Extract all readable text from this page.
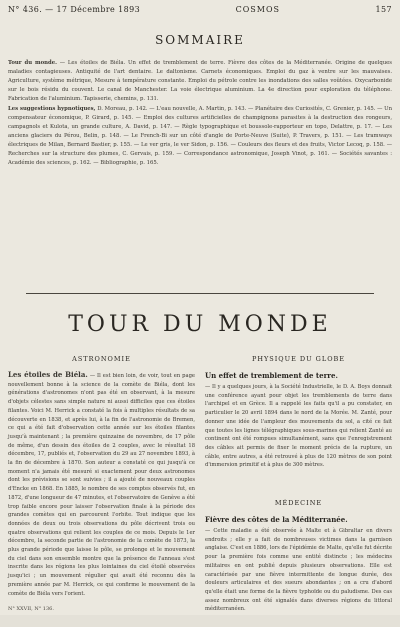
N° 436. — 17 Décembre 1893	COSMOS	157
SOMMAIRE

Tour du monde. — Les étoiles de Biéla. Un effet de tremblement de terre. Fièvre des côtes de la Méditerranée. Origine de quelques maladies contagieuses. Antiquité de l'art dentaire. Le daltonisme. Carnets économiques. Emploi du gaz à ventre sur les mauvaises. Agriculture, système métrique, Mesure à température constante. Emploi du pétrole contre les inondations des salles voûtées. Oxycarbonide sur le bois résidu du couvent. Le canal de Manchester. La voie électrique aluminium. La 4e direction pour exploration du téléphone. Fabrication de l'aluminium. Tapisserie, chemins, p. 131.

Les suggestions hypnotiques, D. Moreau, p. 142. — L'eau nouvelle, A. Martin, p. 143. — Planétaire des Curiosités, C. Grenier, p. 145. — Un compensateur économique, P. Girard, p. 145. — Emploi des cultures artificielles de champignons parasites à la destruction des rongeurs, campagnols et Kulota, un grande culture, A. David, p. 147. — Règle typographique et boussole-rapporteur en topo, Delattre, p. 17. — Les anciens glaciers du Pérou, Belin, p. 148. — Le French-Bi sur un côté d'angle de Porte-Neuve (Suite), P. Travers, p. 151. — Les tramways électriques de Milan, Bernard Bastier, p. 155. — Le ver gris, le ver Sidon, p. 156. — Couleurs des fleurs et des fruits, Victor Lecoq, p. 158. — Recherches sur la structure des plumes, C. Gervais, p. 159. — Correspondance astronomique, Joseph Vinot, p. 161. — Sociétés savantes : Académie des sciences, p. 162. — Bibliographie, p. 165.

TOUR DU MONDE
ASTRONOMIE

Les étoiles de Biéla. — Il est bien loin, de voir, tout en page nouvellement bonne à la science de la comète de Biéla, dont les générations d'astronomes n'ont pas été en observant, à la mesure d'objets célestes sans simple nature ni aussi difficiles que ces étoiles filantes. Voici M. Herrick a constaté la fois à multiples résultats de sa découverte en 1838, et après lui, à la fin de l'astronomie de Bremen, ce qui a été fait d'observation cette année sur les étoiles filantes jusqu'à maintenant ; la première quinzaine de novembre, de 17 pôle de même, d'un dessin des étoiles de 2 couples, avec le résultat 18 décembre, 17, publiés et, l'observation du 29 au 27 novembre 1893, à la fin de décembre à 1870. Son auteur a constaté ce qui jusqu'à ce moment n'a jamais été mesuré si exactement pour deux astronomes dont les prévisions se sont suivies ; il a ajouté de nouveaux couples d'Encke en 1868. En 1885, le nombre de ses comptes observés fut, en 1872, d'une longueur de 47 minutes, et l'observatoire de Genève a été trop faible encore pour laisser l'observation finale à la période des grandes comètes qui en parcourent l'orbite. Tout indique que les données de deux ou trois observations du pôle décrivent trois ou quatre observations qui relient les couples de ce mois. Depuis le 1er décembre, la seconde partie de l'astronomie de la comète de 1873, la plus grande période que laisse le pôle, se prolonge et le mouvement du ciel dans son ensemble montre que la présence de l'anneau s'est inscrite dans les régions les plus lointaines du ciel étoilé observées jusqu'ici ; un mouvement régulier qui avait été reconnu dès la première année par M. Herrick, ce qui confirme le mouvement de la comète de Biéla vers l'orient.

PHYSIQUE DU GLOBE
Un effet de tremblement de terre.

— Il y a quelques jours, à la Société Industrielle, le D. A. Boys donnait une conférence ayant pour objet les tremblements de terre dans l'archipel et en Grèce. Il a rappelé les faits qu'il a pu constater, en particulier le 20 avril 1894 dans le nord de la Morée. M. Zanté, pour donner une idée de l'ampleur des mouvements du sol, a cité ce fait que toutes les lignes télégraphiques sous-marines qui relient Zanté au continent ont été rompues simultanément, sans que l'enregistrement des câbles ait permis de fixer le moment précis de la rupture, un câble, entre autres, a été retrouvé à plus de 120 mètres de son point d'immersion primitif et à plus de 300 mètres.

MÉDECINE
Fièvre des côtes de la Méditerranée.

— Cette maladie a été observée à Malte et à Gibraltar en divers endroits ; elle y a fait de nombreuses victimes dans la garnison anglaise. C'est en 1886, lors de l'épidémie de Malte, qu'elle fut décrite pour la première fois comme une entité distincte ; les médecins militaires en ont publié depuis plusieurs observations. Elle est caractérisée par une fièvre intermittente de longue durée, des douleurs articulaires et des sueurs abondantes ; on a cru d'abord qu'elle était une forme de la fièvre typhoïde ou du paludisme. Des cas assez nombreux ont été signalés dans diverses régions du littoral méditerranéen.

N° XXVII, N° 136.
